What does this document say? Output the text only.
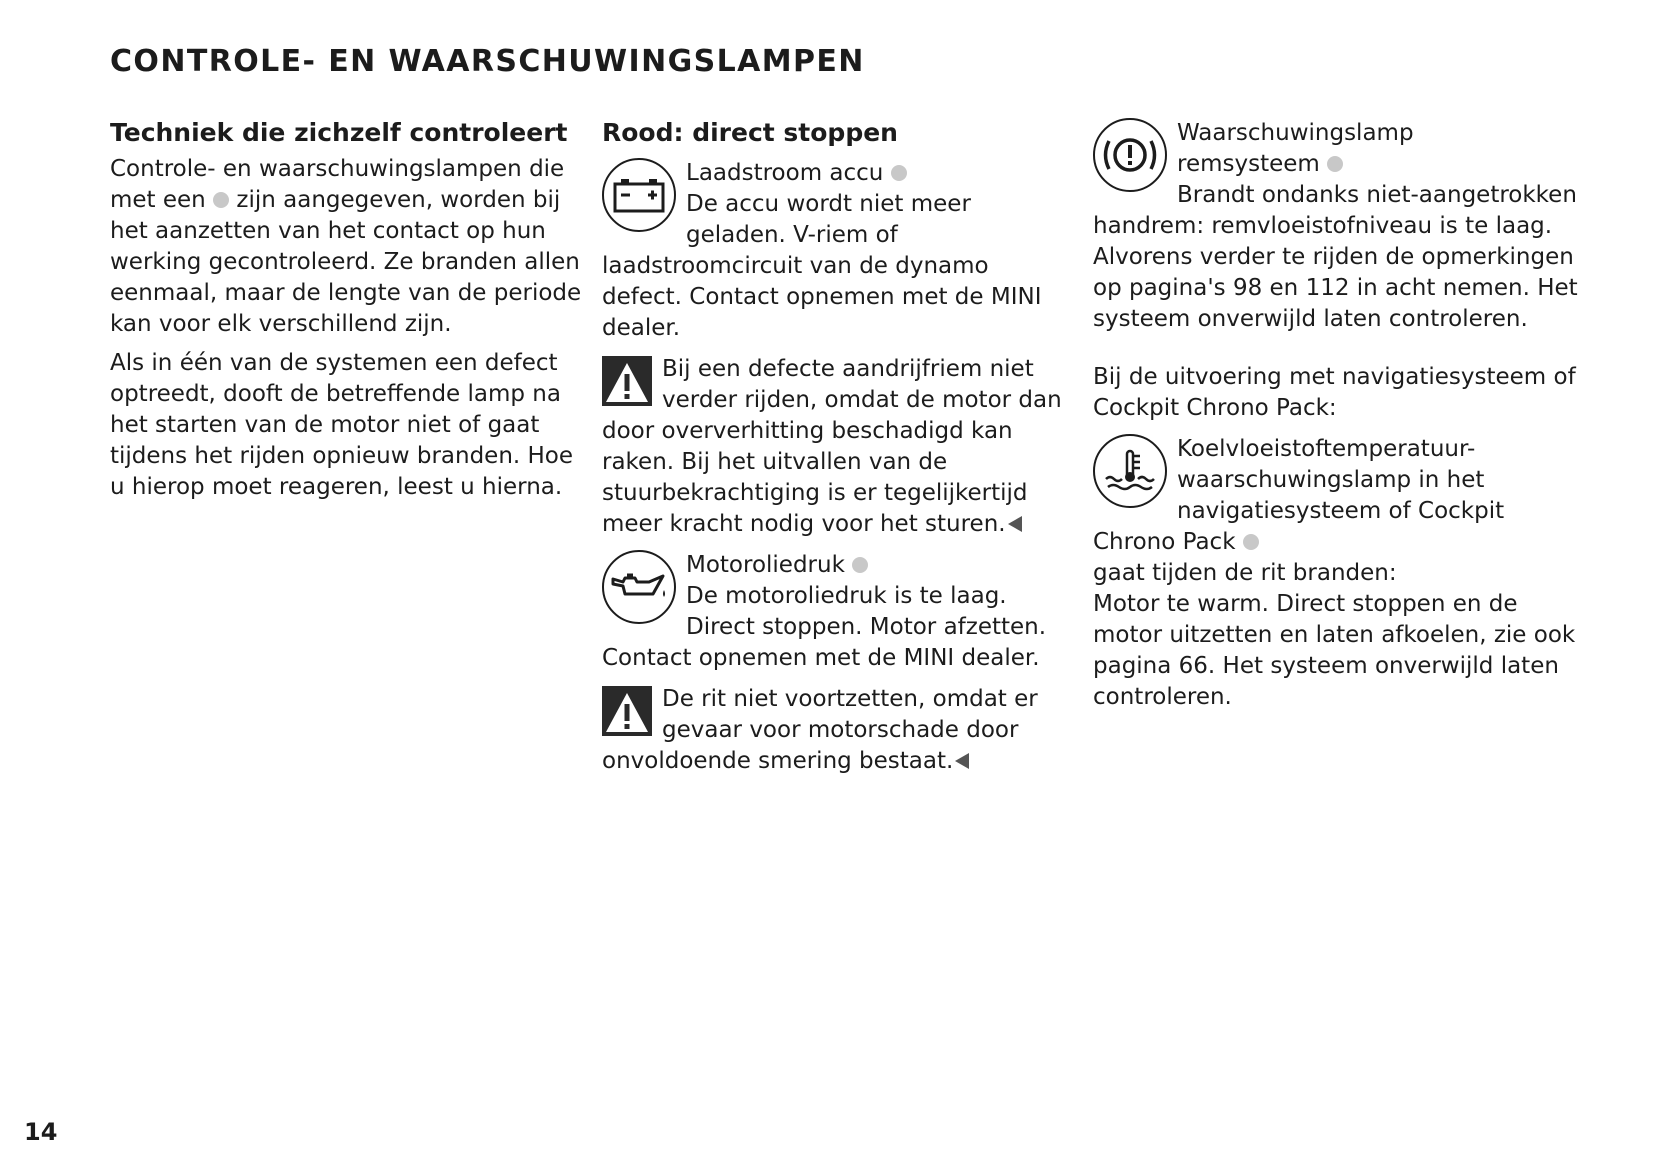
CONTROLE- EN WAARSCHUWINGSLAMPEN
Techniek die zichzelf controleert

Controle- en waarschuwingslampen die met een zijn aangegeven, worden bij het aanzetten van het contact op hun werking gecontroleerd. Ze branden allen eenmaal, maar de lengte van de periode kan voor elk verschillend zijn.

Als in één van de systemen een defect optreedt, dooft de betreffende lamp na het starten van de motor niet of gaat tijdens het rijden opnieuw branden. Hoe u hierop moet reageren, leest u hierna.

Rood: direct stoppen
Laadstroom accu
De accu wordt niet meer geladen. V-riem of laadstroomcircuit van de dynamo defect. Contact opnemen met de MINI dealer.
Bij een defecte aandrijfriem niet verder rijden, omdat de motor dan door oververhitting beschadigd kan raken. Bij het uitvallen van de stuurbekrachtiging is er tegelijkertijd meer kracht nodig voor het sturen.
Motoroliedruk
De motoroliedruk is te laag. Direct stoppen. Motor afzetten. Contact opnemen met de MINI dealer.
De rit niet voortzetten, omdat er gevaar voor motorschade door onvoldoende smering bestaat.
Waarschuwingslamp
remsysteem
Brandt ondanks niet-aangetrokken handrem: remvloeistofniveau is te laag. Alvorens verder te rijden de opmerkingen op pagina's 98 en 112 in acht nemen. Het systeem onverwijld laten controleren.

Bij de uitvoering met navigatiesysteem of Cockpit Chrono Pack:

Koelvloeistoftemperatuur-waarschuwingslamp in het navigatiesysteem of Cockpit Chrono Pack
gaat tijden de rit branden:
Motor te warm. Direct stoppen en de motor uitzetten en laten afkoelen, zie ook pagina 66. Het systeem onverwijld laten controleren.
14
